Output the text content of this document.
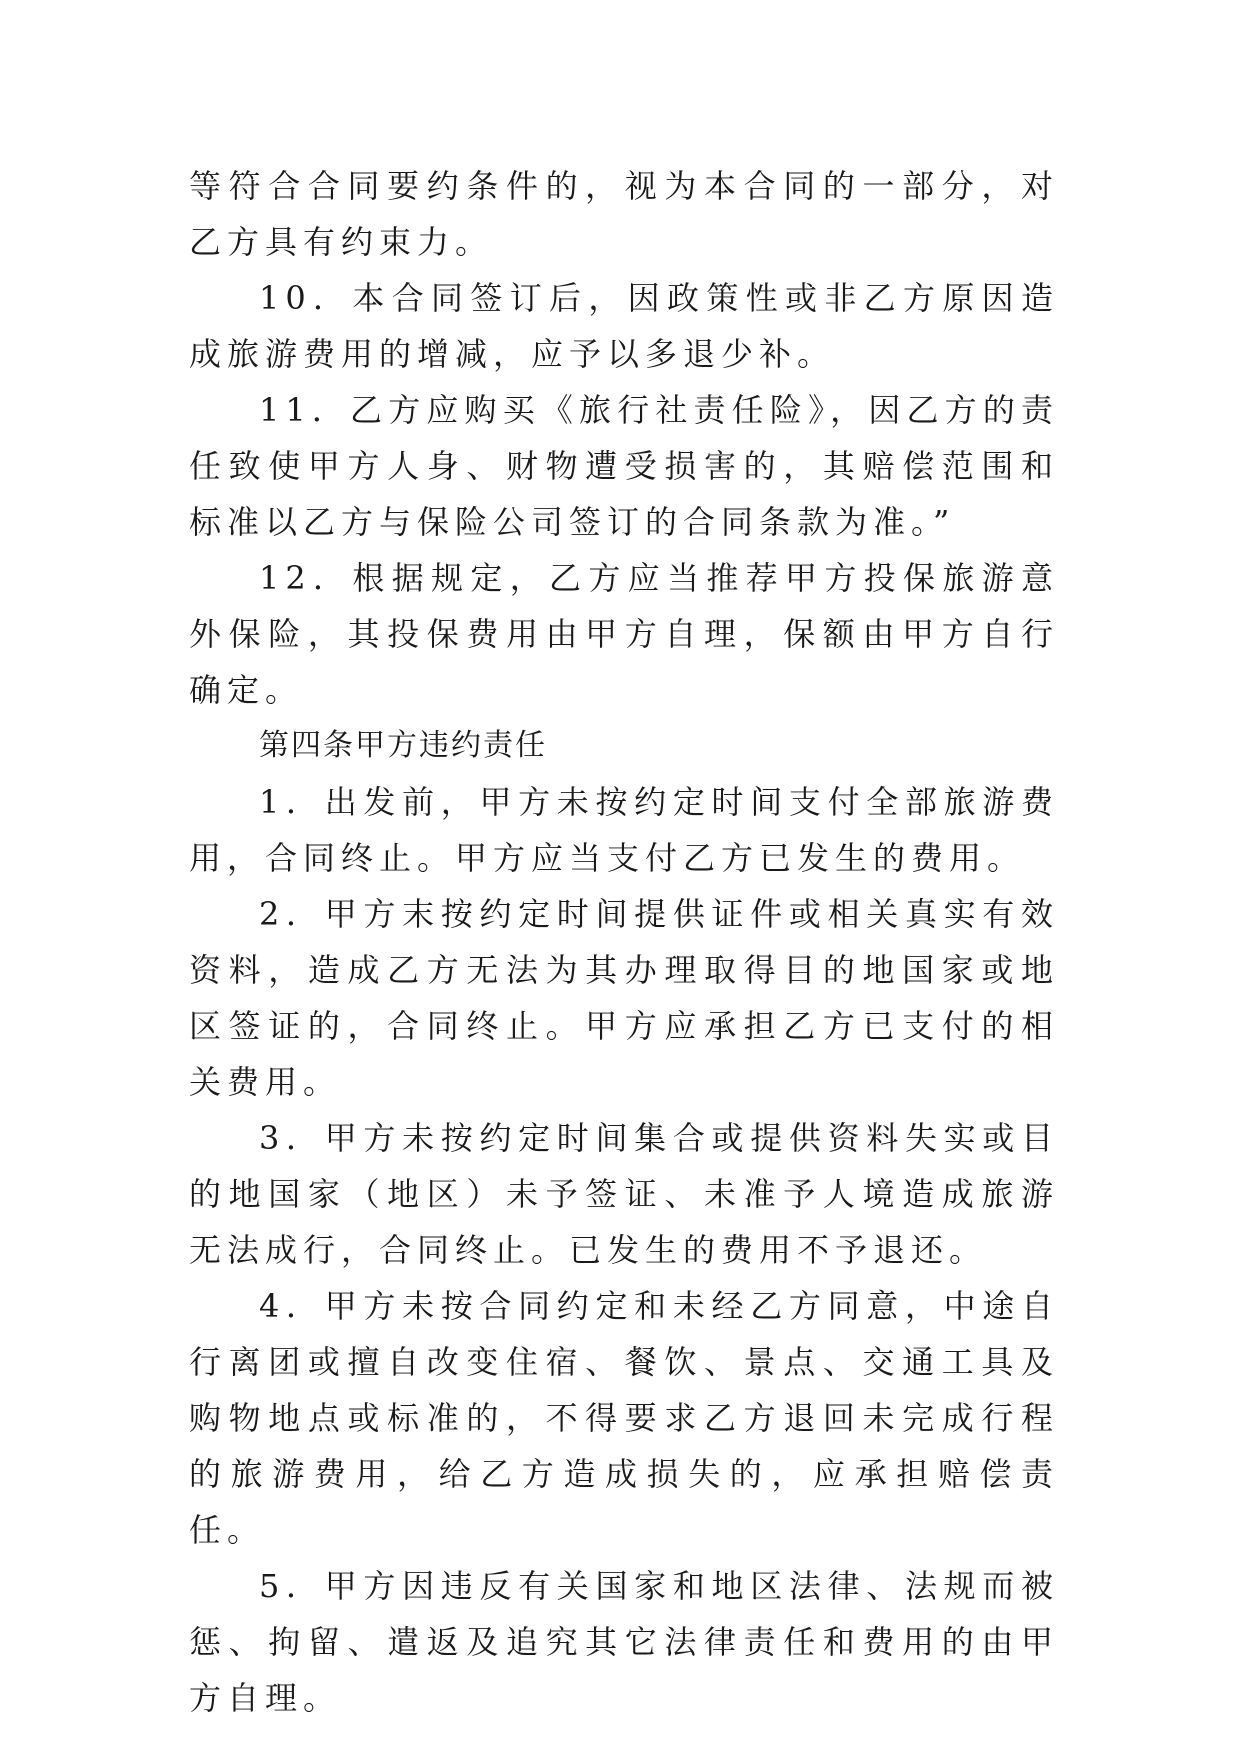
等符合合同要约条件的，视为本合同的一部分，对乙方具有约束力。

10．本合同签订后，因政策性或非乙方原因造成旅游费用的增减，应予以多退少补。

11．乙方应购买《旅行社责任险》，因乙方的责任致使甲方人身、财物遭受损害的，其赔偿范围和标准以乙方与保险公司签订的合同条款为准。”

12．根据规定，乙方应当推荐甲方投保旅游意外保险，其投保费用由甲方自理，保额由甲方自行确定。

第四条甲方违约责任

1．出发前，甲方未按约定时间支付全部旅游费用，合同终止。甲方应当支付乙方已发生的费用。

2．甲方末按约定时间提供证件或相关真实有效资料，造成乙方无法为其办理取得目的地国家或地区签证的，合同终止。甲方应承担乙方已支付的相关费用。

3．甲方未按约定时间集合或提供资料失实或目的地国家（地区）未予签证、未准予人境造成旅游无法成行，合同终止。已发生的费用不予退还。

4．甲方未按合同约定和未经乙方同意，中途自行离团或擅自改变住宿、餐饮、景点、交通工具及购物地点或标准的，不得要求乙方退回未完成行程的旅游费用，给乙方造成损失的，应承担赔偿责任。

5．甲方因违反有关国家和地区法律、法规而被惩、拘留、遣返及追究其它法律责任和费用的由甲方自理。
